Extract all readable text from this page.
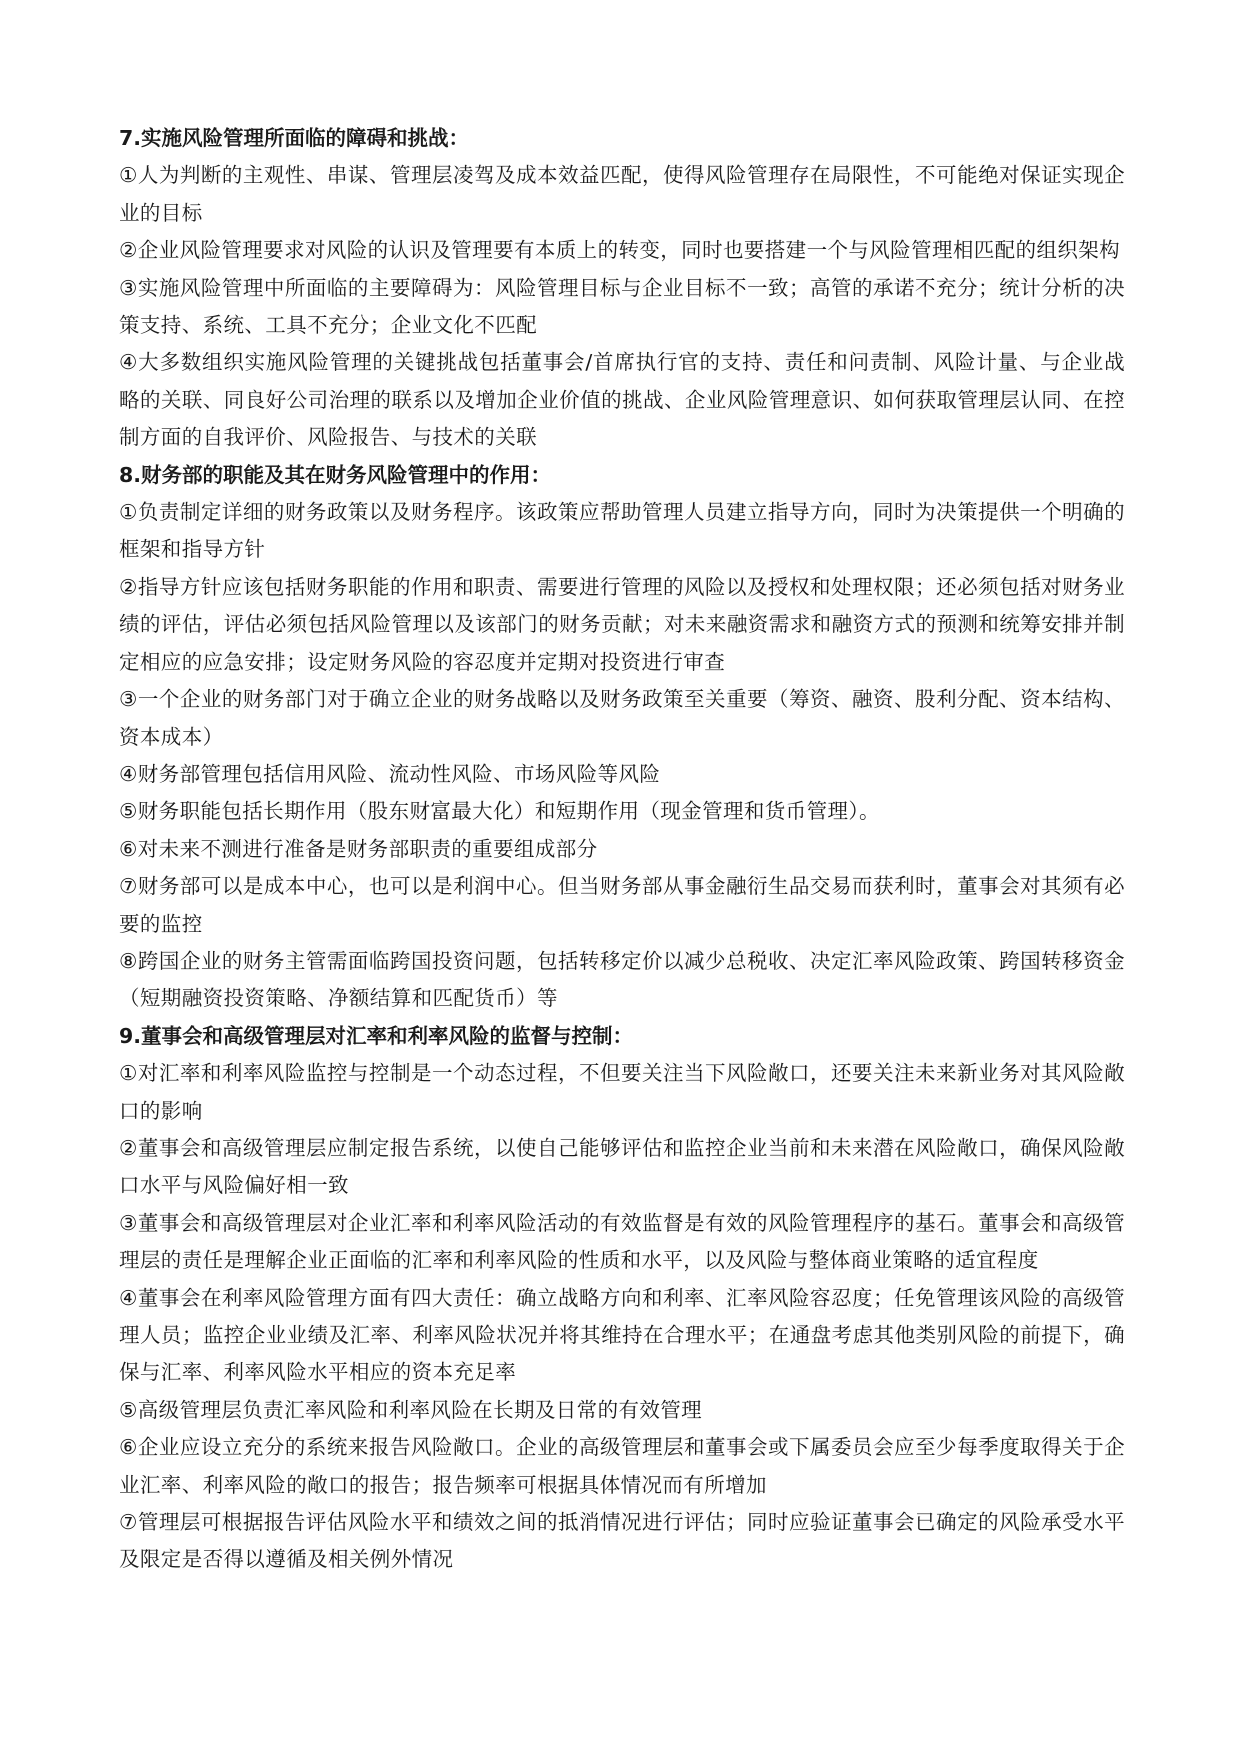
7.实施风险管理所面临的障碍和挑战：

①人为判断的主观性、串谋、管理层凌驾及成本效益匹配，使得风险管理存在局限性，不可能绝对保证实现企业的目标

②企业风险管理要求对风险的认识及管理要有本质上的转变，同时也要搭建一个与风险管理相匹配的组织架构

③实施风险管理中所面临的主要障碍为：风险管理目标与企业目标不一致；高管的承诺不充分；统计分析的决策支持、系统、工具不充分；企业文化不匹配

④大多数组织实施风险管理的关键挑战包括董事会/首席执行官的支持、责任和问责制、风险计量、与企业战略的关联、同良好公司治理的联系以及增加企业价值的挑战、企业风险管理意识、如何获取管理层认同、在控制方面的自我评价、风险报告、与技术的关联

8.财务部的职能及其在财务风险管理中的作用：

①负责制定详细的财务政策以及财务程序。该政策应帮助管理人员建立指导方向，同时为决策提供一个明确的框架和指导方针

②指导方针应该包括财务职能的作用和职责、需要进行管理的风险以及授权和处理权限；还必须包括对财务业绩的评估，评估必须包括风险管理以及该部门的财务贡献；对未来融资需求和融资方式的预测和统筹安排并制定相应的应急安排；设定财务风险的容忍度并定期对投资进行审查

③一个企业的财务部门对于确立企业的财务战略以及财务政策至关重要（筹资、融资、股利分配、资本结构、资本成本）

④财务部管理包括信用风险、流动性风险、市场风险等风险

⑤财务职能包括长期作用（股东财富最大化）和短期作用（现金管理和货币管理）。

⑥对未来不测进行准备是财务部职责的重要组成部分

⑦财务部可以是成本中心，也可以是利润中心。但当财务部从事金融衍生品交易而获利时，董事会对其须有必要的监控

⑧跨国企业的财务主管需面临跨国投资问题，包括转移定价以减少总税收、决定汇率风险政策、跨国转移资金（短期融资投资策略、净额结算和匹配货币）等

9.董事会和高级管理层对汇率和利率风险的监督与控制：

①对汇率和利率风险监控与控制是一个动态过程，不但要关注当下风险敞口，还要关注未来新业务对其风险敞口的影响

②董事会和高级管理层应制定报告系统，以使自己能够评估和监控企业当前和未来潜在风险敞口，确保风险敞口水平与风险偏好相一致

③董事会和高级管理层对企业汇率和利率风险活动的有效监督是有效的风险管理程序的基石。董事会和高级管理层的责任是理解企业正面临的汇率和利率风险的性质和水平，以及风险与整体商业策略的适宜程度

④董事会在利率风险管理方面有四大责任：确立战略方向和利率、汇率风险容忍度；任免管理该风险的高级管理人员；监控企业业绩及汇率、利率风险状况并将其维持在合理水平；在通盘考虑其他类别风险的前提下，确保与汇率、利率风险水平相应的资本充足率

⑤高级管理层负责汇率风险和利率风险在长期及日常的有效管理

⑥企业应设立充分的系统来报告风险敞口。企业的高级管理层和董事会或下属委员会应至少每季度取得关于企业汇率、利率风险的敞口的报告；报告频率可根据具体情况而有所增加

⑦管理层可根据报告评估风险水平和绩效之间的抵消情况进行评估；同时应验证董事会已确定的风险承受水平及限定是否得以遵循及相关例外情况
